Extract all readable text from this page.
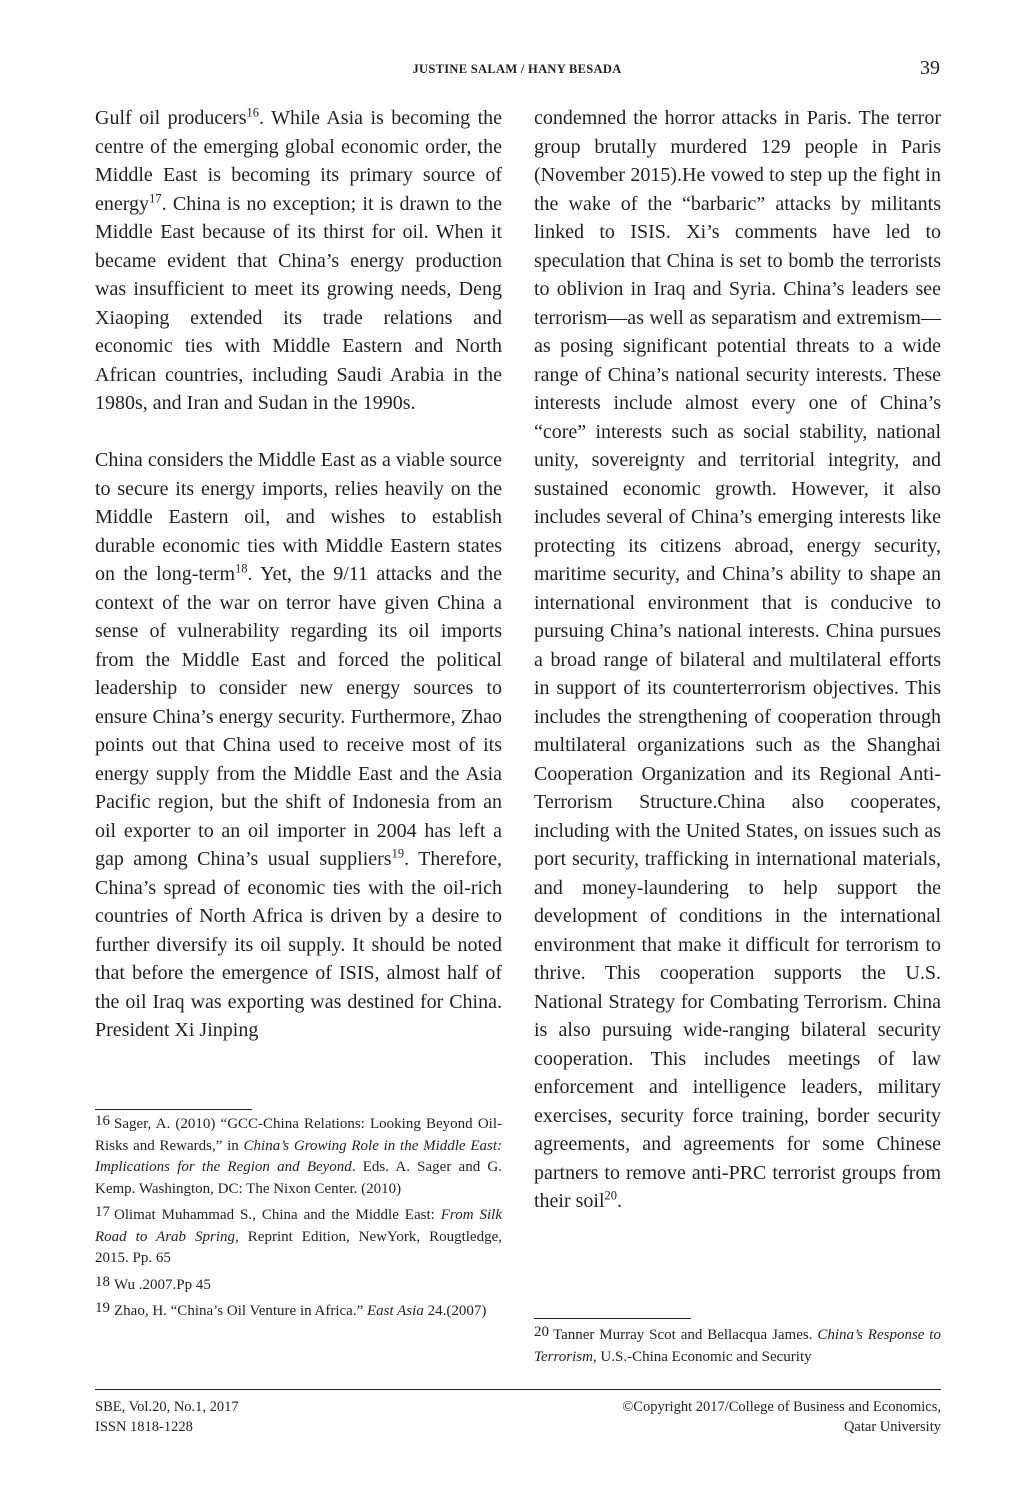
JUSTINE SALAM / HANY BESADA	39

Gulf oil producers$^{16}$. While Asia is becoming the centre of the emerging global economic order, the Middle East is becoming its primary source of energy$^{17}$. China is no exception; it is drawn to the Middle East because of its thirst for oil. When it became evident that China’s energy production was insufficient to meet its growing needs, Deng Xiaoping extended its trade relations and economic ties with Middle Eastern and North African countries, including Saudi Arabia in the 1980s, and Iran and Sudan in the 1990s.

China considers the Middle East as a viable source to secure its energy imports, relies heavily on the Middle Eastern oil, and wishes to establish durable economic ties with Middle Eastern states on the long-term$^{18}$. Yet, the 9/11 attacks and the context of the war on terror have given China a sense of vulnerability regarding its oil imports from the Middle East and forced the political leadership to consider new energy sources to ensure China’s energy security. Furthermore, Zhao points out that China used to receive most of its energy supply from the Middle East and the Asia Pacific region, but the shift of Indonesia from an oil exporter to an oil importer in 2004 has left a gap among China’s usual suppliers$^{19}$. Therefore, China’s spread of economic ties with the oil-rich countries of North Africa is driven by a desire to further diversify its oil supply. It should be noted that before the emergence of ISIS, almost half of the oil Iraq was exporting was destined for China. President Xi Jinping

condemned the horror attacks in Paris. The terror group brutally murdered 129 people in Paris (November 2015).He vowed to step up the fight in the wake of the “barbaric” attacks by militants linked to ISIS. Xi’s comments have led to speculation that China is set to bomb the terrorists to oblivion in Iraq and Syria. China’s leaders see terrorism—as well as separatism and extremism—as posing significant potential threats to a wide range of China’s national security interests. These interests include almost every one of China’s “core” interests such as social stability, national unity, sovereignty and territorial integrity, and sustained economic growth. However, it also includes several of China’s emerging interests like protecting its citizens abroad, energy security, maritime security, and China’s ability to shape an international environment that is conducive to pursuing China’s national interests. China pursues a broad range of bilateral and multilateral efforts in support of its counterterrorism objectives. This includes the strengthening of cooperation through multilateral organizations such as the Shanghai Cooperation Organization and its Regional Anti-Terrorism Structure.China also cooperates, including with the United States, on issues such as port security, trafficking in international materials, and money-laundering to help support the development of conditions in the international environment that make it difficult for terrorism to thrive. This cooperation supports the U.S. National Strategy for Combating Terrorism. China is also pursuing wide-ranging bilateral security cooperation. This includes meetings of law enforcement and intelligence leaders, military exercises, security force training, border security agreements, and agreements for some Chinese partners to remove anti-PRC terrorist groups from their soil$^{20}$.

16 Sager, A. (2010) “GCC-China Relations: Looking Beyond Oil-Risks and Rewards,” in China’s Growing Role in the Middle East: Implications for the Region and Beyond. Eds. A. Sager and G. Kemp. Washington, DC: The Nixon Center. (2010)

17 Olimat Muhammad S., China and the Middle East: From Silk Road to Arab Spring, Reprint Edition, NewYork, Rougtledge, 2015. Pp. 65

18 Wu .2007.Pp 45

19 Zhao, H. “China’s Oil Venture in Africa.” East Asia 24.(2007)

20 Tanner Murray Scot and Bellacqua James. China’s Response to Terrorism, U.S.-China Economic and Security

SBE, Vol.20, No.1, 2017
ISSN 1818-1228
©Copyright 2017/College of Business and Economics,
Qatar University
